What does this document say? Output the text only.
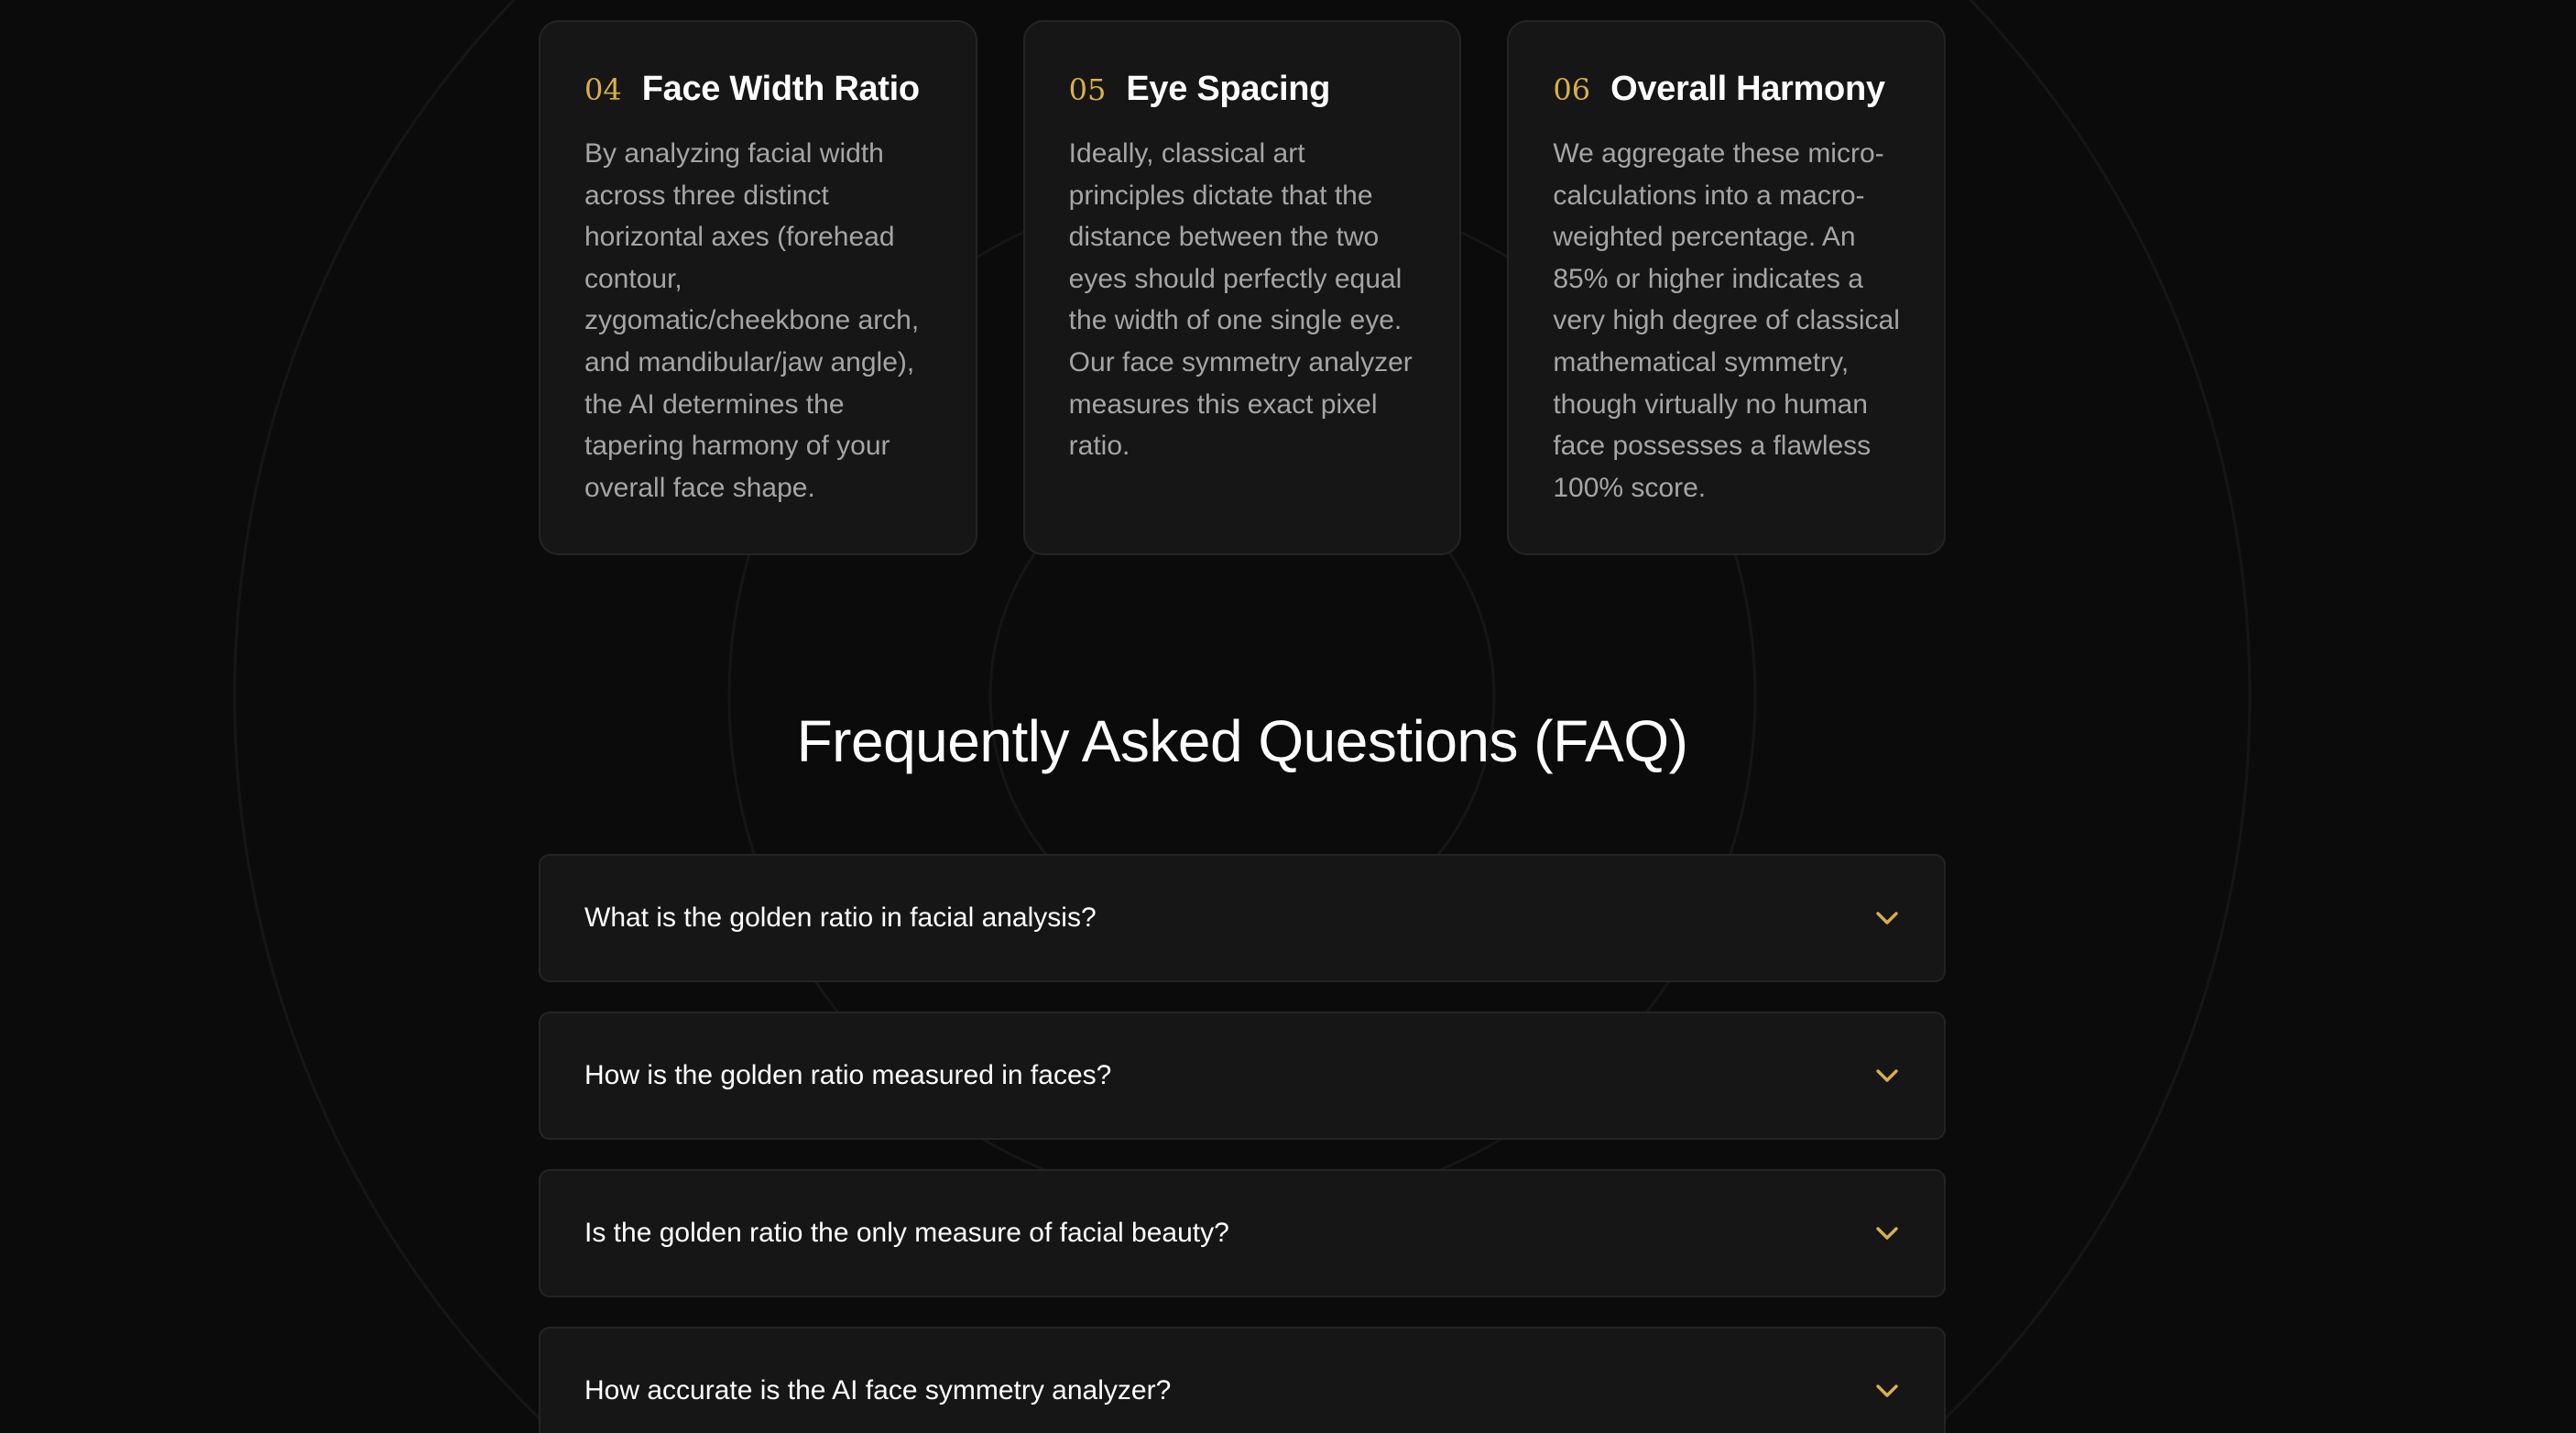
04 Face Width Ratio

By analyzing facial width across three distinct horizontal axes (forehead contour, zygomatic/cheekbone arch, and mandibular/jaw angle), the AI determines the tapering harmony of your overall face shape.

05 Eye Spacing

Ideally, classical art principles dictate that the distance between the two eyes should perfectly equal the width of one single eye. Our face symmetry analyzer measures this exact pixel ratio.

06 Overall Harmony

We aggregate these micro-calculations into a macro-weighted percentage. An 85% or higher indicates a very high degree of classical mathematical symmetry, though virtually no human face possesses a flawless 100% score.

Frequently Asked Questions (FAQ)
What is the golden ratio in facial analysis?
How is the golden ratio measured in faces?
Is the golden ratio the only measure of facial beauty?
How accurate is the AI face symmetry analyzer?
